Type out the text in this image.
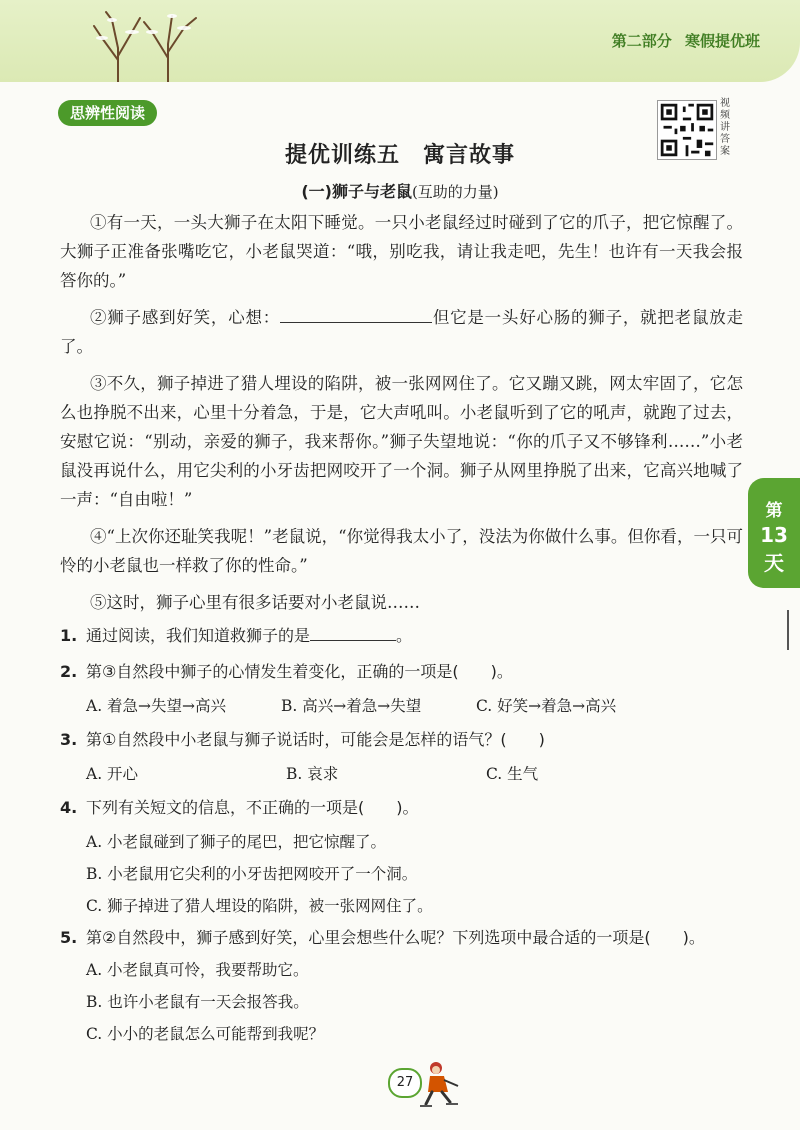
第二部分 寒假提优班
思辨性阅读
视频讲答案
提优训练五　寓言故事
(一)狮子与老鼠(互助的力量)

①有一天，一头大狮子在太阳下睡觉。一只小老鼠经过时碰到了它的爪子，把它惊醒了。大狮子正准备张嘴吃它，小老鼠哭道：“哦，别吃我，请让我走吧，先生！也许有一天我会报答你的。”

②狮子感到好笑，心想：	但它是一头好心肠的狮子，就把老鼠放走了。

③不久，狮子掉进了猎人埋设的陷阱，被一张网网住了。它又蹦又跳，网太牢固了，它怎么也挣脱不出来，心里十分着急，于是，它大声吼叫。小老鼠听到了它的吼声，就跑了过去，安慰它说：“别动，亲爱的狮子，我来帮你。”狮子失望地说：“你的爪子又不够锋利……”小老鼠没再说什么，用它尖利的小牙齿把网咬开了一个洞。狮子从网里挣脱了出来，它高兴地喊了一声：“自由啦！”

④“上次你还耻笑我呢！”老鼠说，“你觉得我太小了，没法为你做什么事。但你看，一只可怜的小老鼠也一样救了你的性命。”

⑤这时，狮子心里有很多话要对小老鼠说……

1. 通过阅读，我们知道救狮子的是	。

2. 第③自然段中狮子的心情发生着变化，正确的一项是(　　)。

A. 着急→失望→高兴	B. 高兴→着急→失望	C. 好笑→着急→高兴

3. 第①自然段中小老鼠与狮子说话时，可能会是怎样的语气？(　　)

A. 开心	B. 哀求	C. 生气

4. 下列有关短文的信息，不正确的一项是(　　)。

A. 小老鼠碰到了狮子的尾巴，把它惊醒了。

B. 小老鼠用它尖利的小牙齿把网咬开了一个洞。

C. 狮子掉进了猎人埋设的陷阱，被一张网网住了。

5. 第②自然段中，狮子感到好笑，心里会想些什么呢？下列选项中最合适的一项是(　　)。

A. 小老鼠真可怜，我要帮助它。

B. 也许小老鼠有一天会报答我。

C. 小小的老鼠怎么可能帮到我呢？

第
13
天
27
